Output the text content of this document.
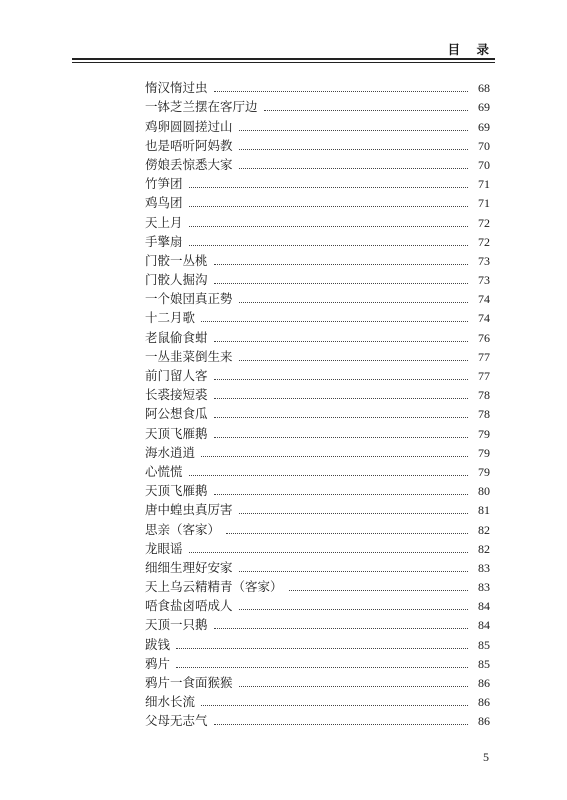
目 录
惰汉惰过虫	68
一钵芝兰摆在客厅边	69
鸡卵圆圆搓过山	69
也是唔听阿妈教	70
僗娘丢惊悉大家	70
竹笋团	71
鸡鸟团	71
天上月	72
手擎扇	72
门骹一丛桃	73
门骹人掘沟	73
一个娘団真正勢	74
十二月歌	74
老鼠偷食蚶	76
一丛韭菜倒生来	77
前门留人客	77
长裘接短裘	78
阿公想食瓜	78
天顶飞雁鹅	79
海水逍逍	79
心慌慌	79
天顶飞雁鹅	80
唐中蝗虫真厉害	81
思亲（客家）	82
龙眼谣	82
细细生理好安家	83
天上乌云精精青（客家）	83
唔食盐卤唔成人	84
天顶一只鹅	84
跋钱	85
鸦片	85
鸦片一食面猴猴	86
细水长流	86
父母无志气	86
5
